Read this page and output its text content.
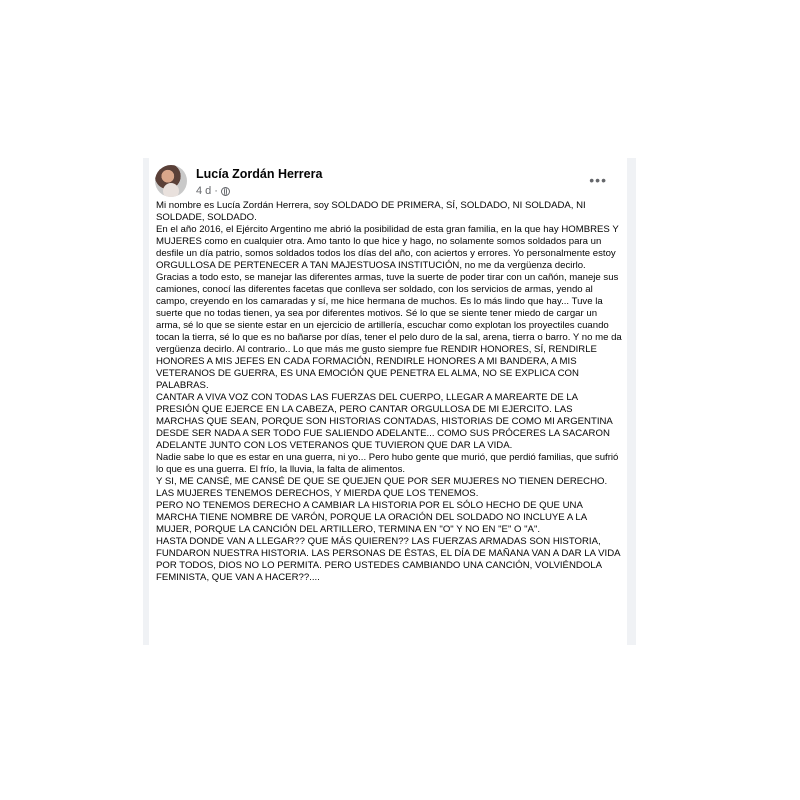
Lucía Zordán Herrera
4 d ·
•••

Mi nombre es Lucía Zordán Herrera, soy SOLDADO DE PRIMERA, SÍ, SOLDADO, NI SOLDADA, NI SOLDADE, SOLDADO.

En el año 2016, el Ejército Argentino me abrió la posibilidad de esta gran familia, en la que hay HOMBRES Y MUJERES como en cualquier otra. Amo tanto lo que hice y hago, no solamente somos soldados para un desfile un día patrio, somos soldados todos los días del año, con aciertos y errores. Yo personalmente estoy ORGULLOSA DE PERTENECER A TAN MAJESTUOSA INSTITUCIÓN, no me da vergüenza decirlo.

Gracias a todo esto, se manejar las diferentes armas, tuve la suerte de poder tirar con un cañón, maneje sus camiones, conocí las diferentes facetas que conlleva ser soldado, con los servicios de armas, yendo al campo, creyendo en los camaradas y sí, me hice hermana de muchos. Es lo más lindo que hay... Tuve la suerte que no todas tienen, ya sea por diferentes motivos. Sé lo que se siente tener miedo de cargar un arma, sé lo que se siente estar en un ejercicio de artillería, escuchar como explotan los proyectiles cuando tocan la tierra, sé lo que es no bañarse por días, tener el pelo duro de la sal, arena, tierra o barro. Y no me da vergüenza decirlo. Al contrario.. Lo que más me gusto siempre fue RENDIR HONORES, SÍ, RENDIRLE HONORES A MIS JEFES EN CADA FORMACIÓN, RENDIRLE HONORES A MI BANDERA, A MIS VETERANOS DE GUERRA, ES UNA EMOCIÓN QUE PENETRA EL ALMA, NO SE EXPLICA CON PALABRAS.

CANTAR A VIVA VOZ CON TODAS LAS FUERZAS DEL CUERPO, LLEGAR A MAREARTE DE LA PRESIÓN QUE EJERCE EN LA CABEZA, PERO CANTAR ORGULLOSA DE MI EJERCITO. LAS MARCHAS QUE SEAN, PORQUE SON HISTORIAS CONTADAS, HISTORIAS DE COMO MI ARGENTINA DESDE SER NADA A SER TODO FUE SALIENDO ADELANTE... COMO SUS PRÓCERES LA SACARON ADELANTE JUNTO CON LOS VETERANOS QUE TUVIERON QUE DAR LA VIDA.

Nadie sabe lo que es estar en una guerra, ni yo... Pero hubo gente que murió, que perdió familias, que sufrió lo que es una guerra. El frío, la lluvia, la falta de alimentos.

Y SI, ME CANSÉ, ME CANSÉ DE QUE SE QUEJEN QUE POR SER MUJERES NO TIENEN DERECHO. LAS MUJERES TENEMOS DERECHOS, Y MIERDA QUE LOS TENEMOS.

PERO NO TENEMOS DERECHO A CAMBIAR LA HISTORIA POR EL SÓLO HECHO DE QUE UNA MARCHA TIENE NOMBRE DE VARÓN, PORQUE LA ORACIÓN DEL SOLDADO NO INCLUYE A LA MUJER, PORQUE LA CANCIÓN DEL ARTILLERO, TERMINA EN "O" Y NO EN "E" O "A".

HASTA DONDE VAN A LLEGAR?? QUE MÁS QUIEREN?? LAS FUERZAS ARMADAS SON HISTORIA, FUNDARON NUESTRA HISTORIA. LAS PERSONAS DE ÉSTAS, EL DÍA DE MAÑANA VAN A DAR LA VIDA POR TODOS, DIOS NO LO PERMITA. PERO USTEDES CAMBIANDO UNA CANCIÓN, VOLVIÉNDOLA FEMINISTA, QUE VAN A HACER??....
